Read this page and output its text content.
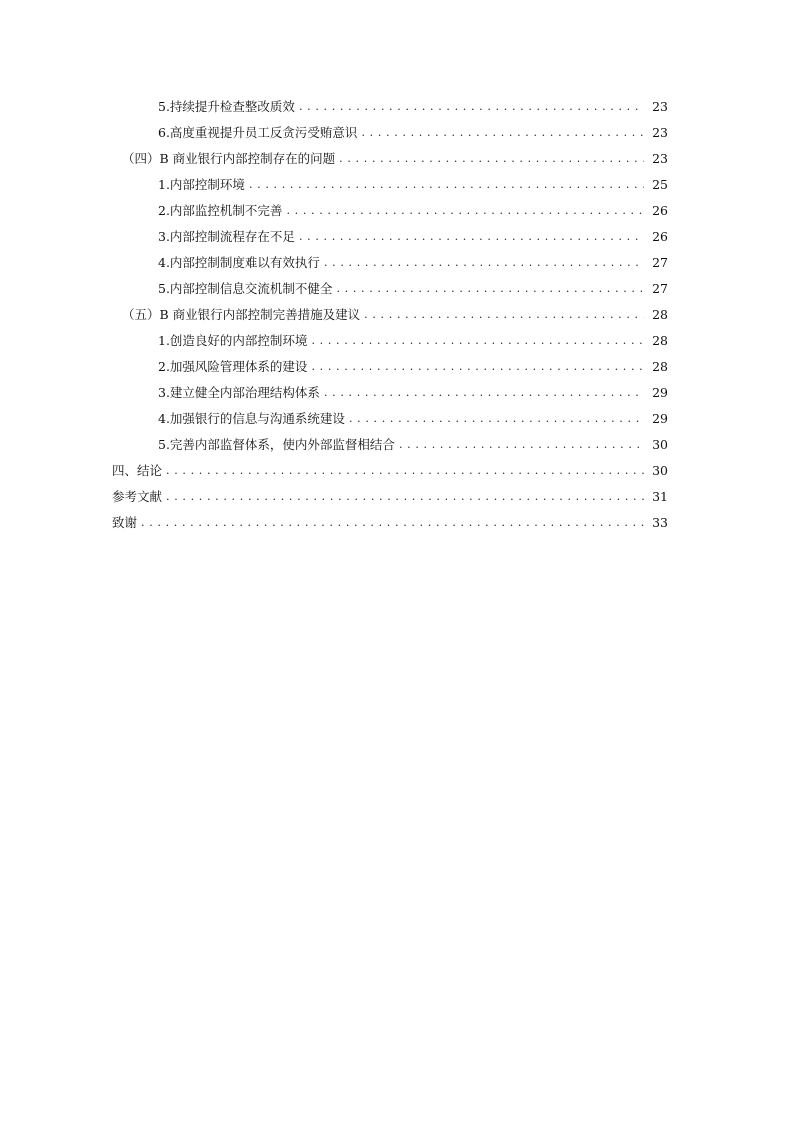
5.持续提升检查整改质效 . . .	23
6.高度重视提升员工反贪污受贿意识 . . .	23
（四）B 商业银行内部控制存在的问题 . . .	23
1.内部控制环境 . . .	25
2.内部监控机制不完善 . . .	26
3.内部控制流程存在不足 . . .	26
4.内部控制制度难以有效执行 . . .	27
5.内部控制信息交流机制不健全 . . .	27
（五）B 商业银行内部控制完善措施及建议 . . .	28
1.创造良好的内部控制环境 . . .	28
2.加强风险管理体系的建设 . . .	28
3.建立健全内部治理结构体系 . . .	29
4.加强银行的信息与沟通系统建设 . . .	29
5.完善内部监督体系，使内外部监督相结合 . . .	30
四、结论 . . .	30
参考文献 . . .	31
致谢 . . .	33
